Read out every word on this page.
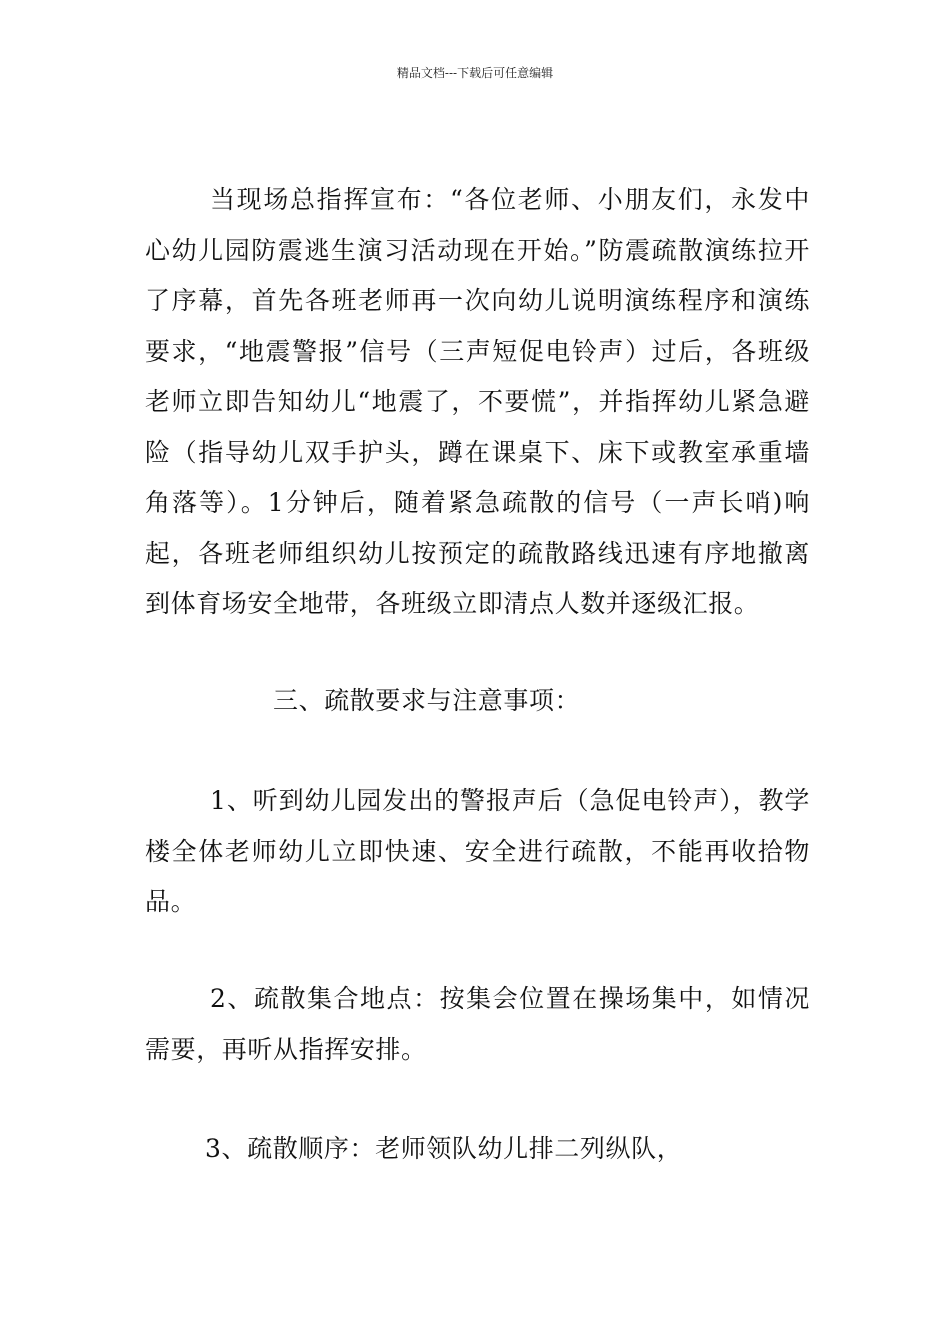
精品文档---下载后可任意编辑

当现场总指挥宣布：“各位老师、小朋友们，永发中心幼儿园防震逃生演习活动现在开始。”防震疏散演练拉开了序幕，首先各班老师再一次向幼儿说明演练程序和演练要求，“地震警报”信号（三声短促电铃声）过后，各班级老师立即告知幼儿“地震了，不要慌”，并指挥幼儿紧急避险（指导幼儿双手护头，蹲在课桌下、床下或教室承重墙角落等）。1分钟后，随着紧急疏散的信号（一声长哨)响起，各班老师组织幼儿按预定的疏散路线迅速有序地撤离到体育场安全地带，各班级立即清点人数并逐级汇报。

三、疏散要求与注意事项：

1、听到幼儿园发出的警报声后（急促电铃声），教学楼全体老师幼儿立即快速、安全进行疏散，不能再收拾物品。

2、疏散集合地点：按集会位置在操场集中，如情况需要，再听从指挥安排。

3、疏散顺序：老师领队幼儿排二列纵队，
